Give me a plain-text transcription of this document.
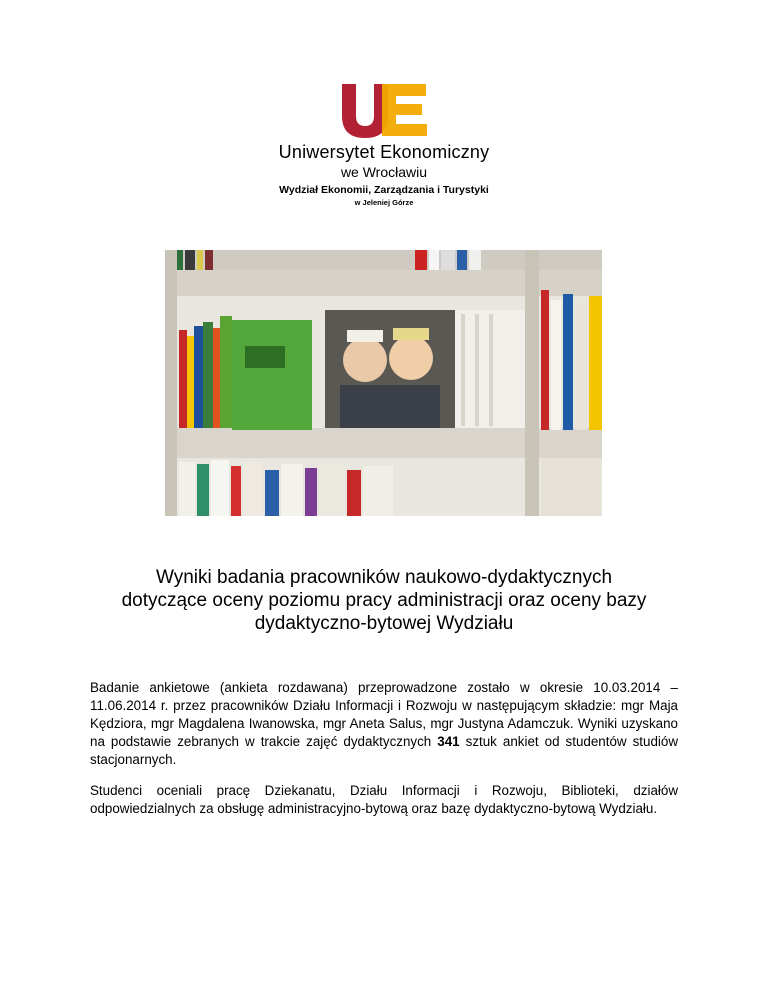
Uniwersytet Ekonomiczny
we Wrocławiu
Wydział Ekonomii, Zarządzania i Turystyki
w Jeleniej Górze
Wyniki badania pracowników naukowo-dydaktycznych
dotyczące oceny poziomu pracy administracji oraz oceny bazy
dydaktyczno-bytowej Wydziału

Badanie ankietowe (ankieta rozdawana) przeprowadzone zostało w okresie 10.03.2014 – 11.06.2014 r. przez pracowników Działu Informacji i Rozwoju w następującym składzie: mgr Maja Kędziora, mgr Magdalena Iwanowska, mgr Aneta Salus, mgr Justyna Adamczuk. Wyniki uzyskano na podstawie zebranych w trakcie zajęć dydaktycznych 341 sztuk ankiet od studentów studiów stacjonarnych.

Studenci oceniali pracę Dziekanatu, Działu Informacji i Rozwoju, Biblioteki, działów odpowiedzialnych za obsługę administracyjno-bytową oraz bazę dydaktyczno-bytową Wydziału.
